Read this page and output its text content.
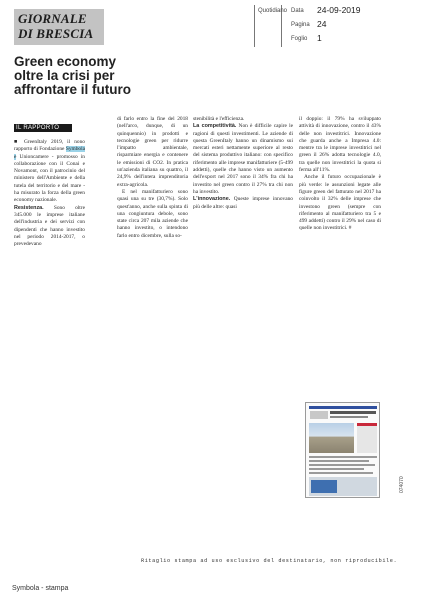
GIORNALE
DI BRESCIA
Quotidiano Data 24-09-2019
Pagina 24
Foglio 1
Green economy oltre la crisi per affrontare il futuro
IL RAPPORTO

■ GreenItaly 2019, il nono rapporto di Fondazione Symbola e Unioncamere - promosso in collaborazione con il Conai e Novamont, con il patrocinio del ministero dell'Ambiente e della tutela del territorio e del mare - ha misurato la forza della green economy nazionale.

Resistenza. Sono oltre 345.000 le imprese italiane dell'industria e dei servizi con dipendenti che hanno investito nel periodo 2014-2017, o prevedevano

di farlo entro la fine del 2018 (nell'arco, dunque, di un quinquennio) in prodotti e tecnologie green per ridurre l'impatto ambientale, risparmiare energia e contenere le emissioni di CO2. In pratica un'azienda italiana su quattro, il 24,9% dell'intera imprenditoria extra-agricola.

E nel manifatturiero sono quasi una su tre (30,7%). Solo quest'anno, anche sulla spinta di una congiuntura debole, sono state circa 207 mila aziende che hanno investito, o intendono farlo entro dicembre, sulla so-

stenibilità e l'efficienza.

La competitività. Non è difficile capire le ragioni di questi investimenti. Le aziende di questa GreenItaly hanno un dinamismo sui mercati esteri nettamente superiore al resto del sistema produttivo italiano: con specifico riferimento alle imprese manifatturiere (5-499 addetti), quelle che hanno visto un aumento dell'export nel 2017 sono il 34% fra chi ha investito nel green contro il 27% tra chi non ha investito.

L'innovazione. Queste imprese innovano più delle altre: quasi

il doppio: il 79% ha sviluppato attività di innovazione, contro il 43% delle non investitrici. Innovazione che guarda anche a Impresa 4.0: mentre tra le imprese investitrici nel green il 26% adotta tecnologie 4.0, tra quelle non investitrici la quota si ferma all'11%.

Anche il futuro occupazionale è più verde: le assunzioni legate alle figure green del fatturato nel 2017 ha coinvolto il 32% delle imprese che investono green (sempre con riferimento al manifatturiero tra 5 e 499 addetti) contro il 29% nel caso di quelle non investitrici. #

074070
Ritaglio stampa ad uso esclusivo del destinatario, non riproducibile.
Symbola - stampa
